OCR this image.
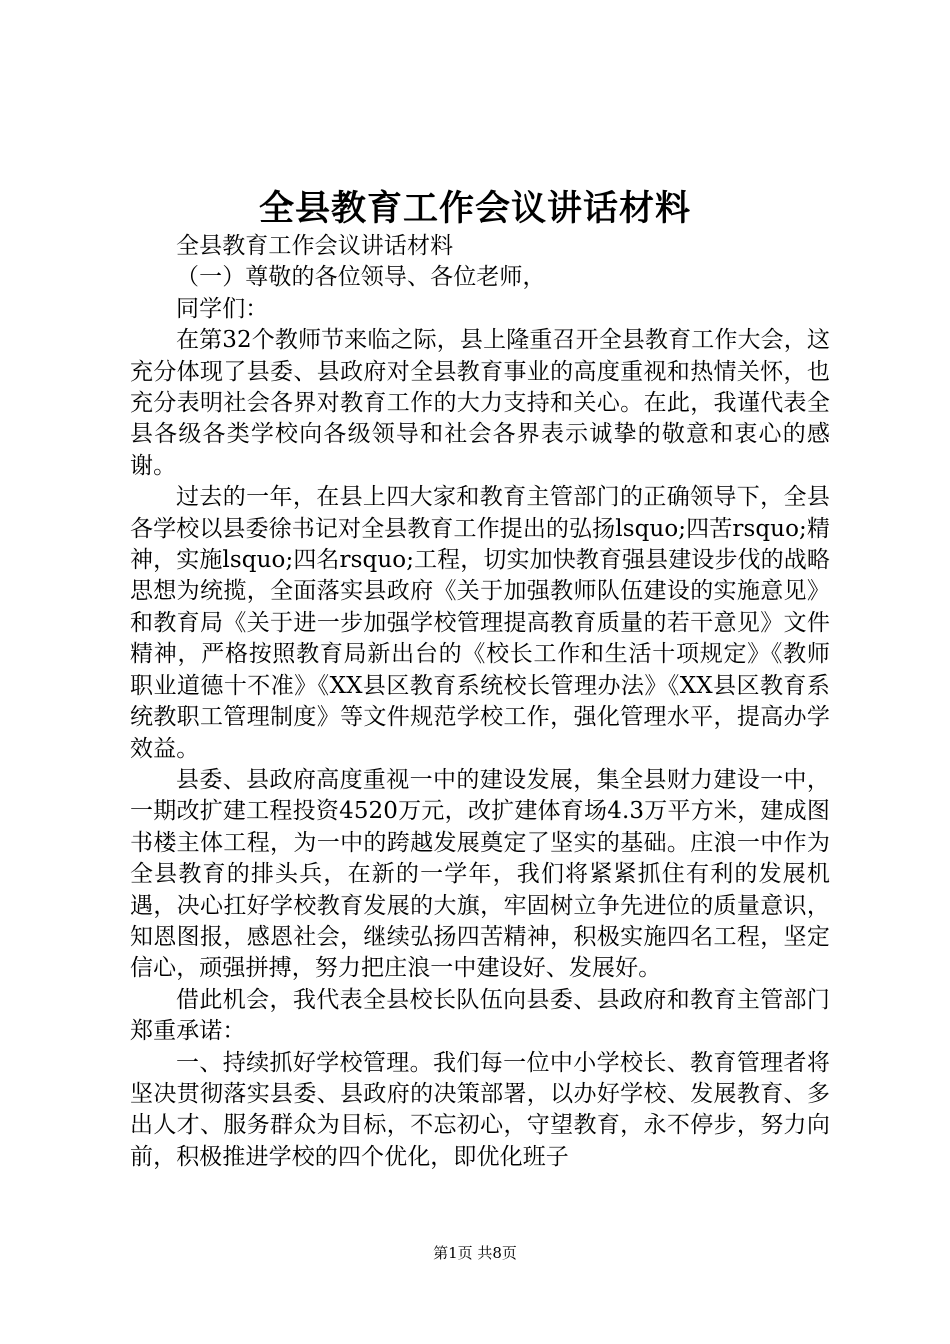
全县教育工作会议讲话材料

全县教育工作会议讲话材料

（一）尊敬的各位领导、各位老师，

同学们：

在第32个教师节来临之际，县上隆重召开全县教育工作大会，这充分体现了县委、县政府对全县教育事业的高度重视和热情关怀，也充分表明社会各界对教育工作的大力支持和关心。在此，我谨代表全县各级各类学校向各级领导和社会各界表示诚挚的敬意和衷心的感谢。

过去的一年，在县上四大家和教育主管部门的正确领导下，全县各学校以县委徐书记对全县教育工作提出的弘扬lsquo;四苦rsquo;精神，实施lsquo;四名rsquo;工程，切实加快教育强县建设步伐的战略思想为统揽，全面落实县政府《关于加强教师队伍建设的实施意见》和教育局《关于进一步加强学校管理提高教育质量的若干意见》文件精神，严格按照教育局新出台的《校长工作和生活十项规定》《教师职业道德十不准》《XX县区教育系统校长管理办法》《XX县区教育系统教职工管理制度》等文件规范学校工作，强化管理水平，提高办学效益。

县委、县政府高度重视一中的建设发展，集全县财力建设一中，一期改扩建工程投资4520万元，改扩建体育场4.3万平方米，建成图书楼主体工程，为一中的跨越发展奠定了坚实的基础。庄浪一中作为全县教育的排头兵，在新的一学年，我们将紧紧抓住有利的发展机遇，决心扛好学校教育发展的大旗，牢固树立争先进位的质量意识，知恩图报，感恩社会，继续弘扬四苦精神，积极实施四名工程，坚定信心，顽强拼搏，努力把庄浪一中建设好、发展好。

借此机会，我代表全县校长队伍向县委、县政府和教育主管部门郑重承诺：

一、持续抓好学校管理。我们每一位中小学校长、教育管理者将坚决贯彻落实县委、县政府的决策部署，以办好学校、发展教育、多出人才、服务群众为目标，不忘初心，守望教育，永不停步，努力向前，积极推进学校的四个优化，即优化班子

第1页 共8页
